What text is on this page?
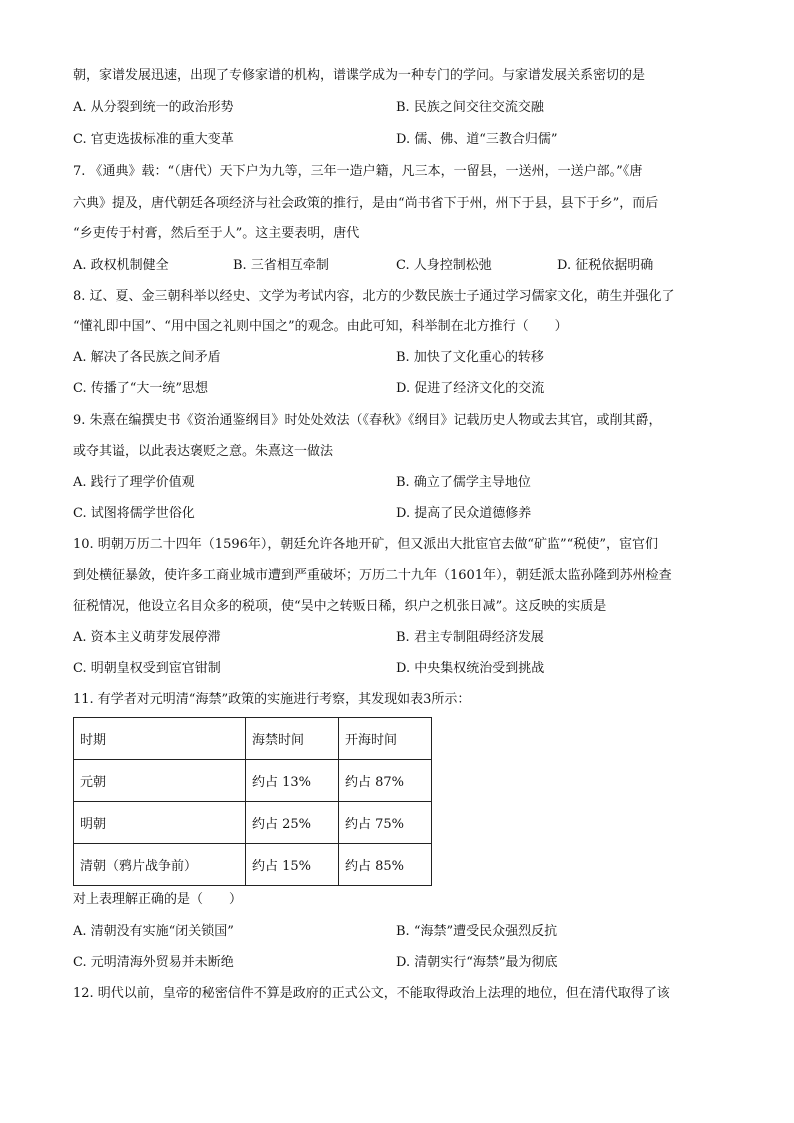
朝，家谱发展迅速，出现了专修家谱的机构，谱谍学成为一种专门的学问。与家谱发展关系密切的是
A. 从分裂到统一的政治形势	B. 民族之间交往交流交融
C. 官吏选拔标准的重大变革	D. 儒、佛、道“三教合归儒”
7. 《通典》载：“（唐代）天下户为九等，三年一造户籍，凡三本，一留县，一送州，一送户部。”《唐
六典》提及，唐代朝廷各项经济与社会政策的推行，是由“尚书省下于州，州下于县，县下于乡”，而后
“乡吏传于村膏，然后至于人”。这主要表明，唐代
A. 政权机制健全	B. 三省相互牵制	C. 人身控制松弛	D. 征税依据明确
8. 辽、夏、金三朝科举以经史、文学为考试内容，北方的少数民族士子通过学习儒家文化，萌生并强化了
“懂礼即中国”、“用中国之礼则中国之”的观念。由此可知，科举制在北方推行（　　）
A. 解决了各民族之间矛盾	B. 加快了文化重心的转移
C. 传播了“大一统”思想	D. 促进了经济文化的交流
9. 朱熹在编撰史书《资治通鉴纲目》时处处效法（《春秋》《纲目》记载历史人物或去其官，或削其爵，
或夺其谥，以此表达褒贬之意。朱熹这一做法
A. 践行了理学价值观	B. 确立了儒学主导地位
C. 试图将儒学世俗化	D. 提高了民众道德修养
10. 明朝万历二十四年（1596年），朝廷允许各地开矿，但又派出大批宦官去做“矿监”“税使”，宦官们
到处横征暴敛，使许多工商业城市遭到严重破坏；万历二十九年（1601年），朝廷派太监孙隆到苏州检查
征税情况，他设立名目众多的税项，使“吴中之转贩日稀，织户之机张日减”。这反映的实质是
A. 资本主义萌芽发展停滞	B. 君主专制阻碍经济发展
C. 明朝皇权受到宦官钳制	D. 中央集权统治受到挑战
11. 有学者对元明清“海禁”政策的实施进行考察，其发现如表3所示：
时期	海禁时间	开海时间
元朝	约占 13%	约占 87%
明朝	约占 25%	约占 75%
清朝（鸦片战争前）	约占 15%	约占 85%
对上表理解正确的是（　　）
A. 清朝没有实施“闭关锁国”	B. “海禁”遭受民众强烈反抗
C. 元明清海外贸易并未断绝	D. 清朝实行“海禁”最为彻底
12. 明代以前，皇帝的秘密信件不算是政府的正式公文，不能取得政治上法理的地位，但在清代取得了该
